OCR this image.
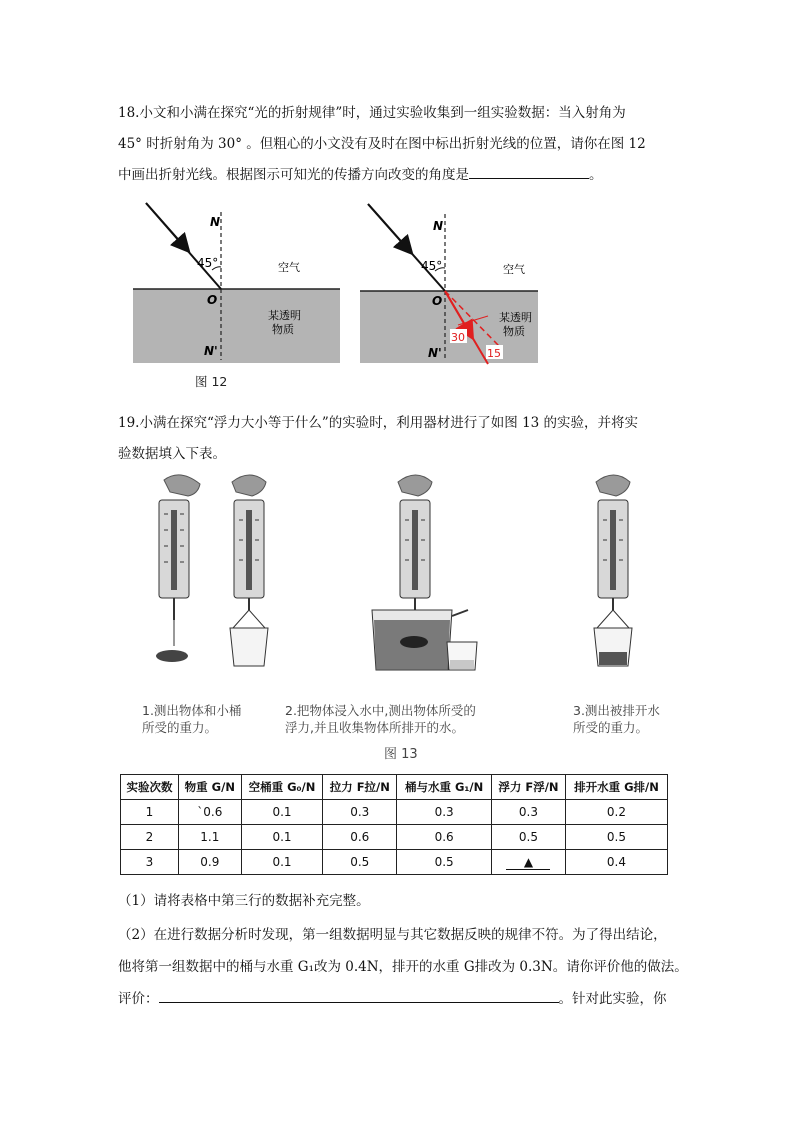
18.小文和小满在探究“光的折射规律”时，通过实验收集到一组实验数据：当入射角为
45° 时折射角为 30° 。但粗心的小文没有及时在图中标出折射光线的位置，请你在图 12
中画出折射光线。根据图示可知光的传播方向改变的角度是	。
N
45°
O
N'
空气
某透明
物质
N
45°
O
N'
空气
某透明
物质
30
15
图 12
19.小满在探究“浮力大小等于什么”的实验时，利用器材进行了如图 13 的实验，并将实
验数据填入下表。
1.测出物体和小桶
所受的重力。
2.把物体浸入水中,测出物体所受的
浮力,并且收集物体所排开的水。
3.测出被排开水
所受的重力。
图 13
实验次数	物重 G/N	空桶重 G₀/N	拉力 F拉/N	桶与水重 G₁/N	浮力 F浮/N	排开水重 G排/N
1	`0.6	0.1	0.3	0.3	0.3	0.2
2	1.1	0.1	0.6	0.6	0.5	0.5
3	0.9	0.1	0.5	0.5	▲	0.4
（1）请将表格中第三行的数据补充完整。
（2）在进行数据分析时发现，第一组数据明显与其它数据反映的规律不符。为了得出结论，
他将第一组数据中的桶与水重 G₁改为 0.4N，排开的水重 G排改为 0.3N。请你评价他的做法。
评价：	。针对此实验，你
